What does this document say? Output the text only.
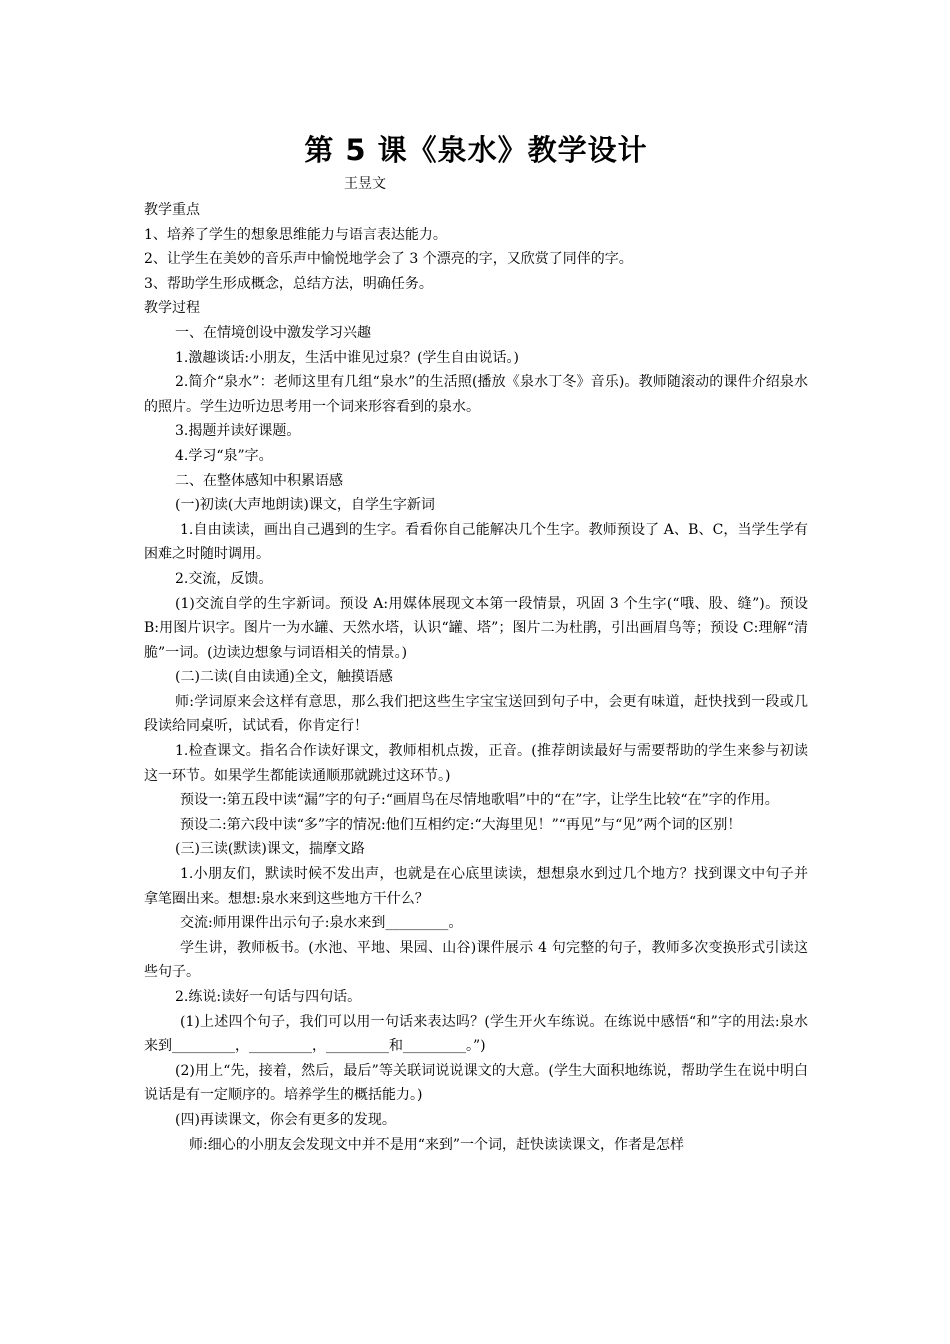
第 5 课《泉水》教学设计
王昱文

教学重点

1、培养了学生的想象思维能力与语言表达能力。

2、让学生在美妙的音乐声中愉悦地学会了 3 个漂亮的字，又欣赏了同伴的字。

3、帮助学生形成概念，总结方法，明确任务。

教学过程

一、在情境创设中激发学习兴趣

1.激趣谈话:小朋友，生活中谁见过泉？(学生自由说话。)

2.简介“泉水”：老师这里有几组“泉水”的生活照(播放《泉水丁冬》音乐)。教师随滚动的课件介绍泉水的照片。学生边听边思考用一个词来形容看到的泉水。

3.揭题并读好课题。

4.学习“泉”字。

二、在整体感知中积累语感

(一)初读(大声地朗读)课文，自学生字新词

1.自由读读，画出自己遇到的生字。看看你自己能解决几个生字。教师预设了 A、B、C，当学生学有困难之时随时调用。

2.交流，反馈。

(1)交流自学的生字新词。预设 A:用媒体展现文本第一段情景，巩固 3 个生字(“哦、股、缝”)。预设 B:用图片识字。图片一为水罐、天然水塔，认识“罐、塔”；图片二为杜鹃，引出画眉鸟等；预设 C:理解“清脆”一词。(边读边想象与词语相关的情景。)

(二)二读(自由读通)全文，触摸语感

师:学词原来会这样有意思，那么我们把这些生字宝宝送回到句子中，会更有味道，赶快找到一段或几段读给同桌听，试试看，你肯定行！

1.检查课文。指名合作读好课文，教师相机点拨，正音。(推荐朗读最好与需要帮助的学生来参与初读这一环节。如果学生都能读通顺那就跳过这环节。)

预设一:第五段中读“漏”字的句子:“画眉鸟在尽情地歌唱”中的“在”字，让学生比较“在”字的作用。

预设二:第六段中读“多”字的情况:他们互相约定:“大海里见！”“再见”与“见”两个词的区别！

(三)三读(默读)课文，揣摩文路

1.小朋友们，默读时候不发出声，也就是在心底里读读，想想泉水到过几个地方？找到课文中句子并拿笔圈出来。想想:泉水来到这些地方干什么？

交流:师用课件出示句子:泉水来到_________。

学生讲，教师板书。(水池、平地、果园、山谷)课件展示 4 句完整的句子，教师多次变换形式引读这些句子。

2.练说:读好一句话与四句话。

(1)上述四个句子，我们可以用一句话来表达吗？(学生开火车练说。在练说中感悟“和”字的用法:泉水来到_________，_________，_________和_________。”)

(2)用上“先，接着，然后，最后”等关联词说说课文的大意。(学生大面积地练说，帮助学生在说中明白说话是有一定顺序的。培养学生的概括能力。)

(四)再读课文，你会有更多的发现。

师:细心的小朋友会发现文中并不是用“来到”一个词，赶快读读课文，作者是怎样
